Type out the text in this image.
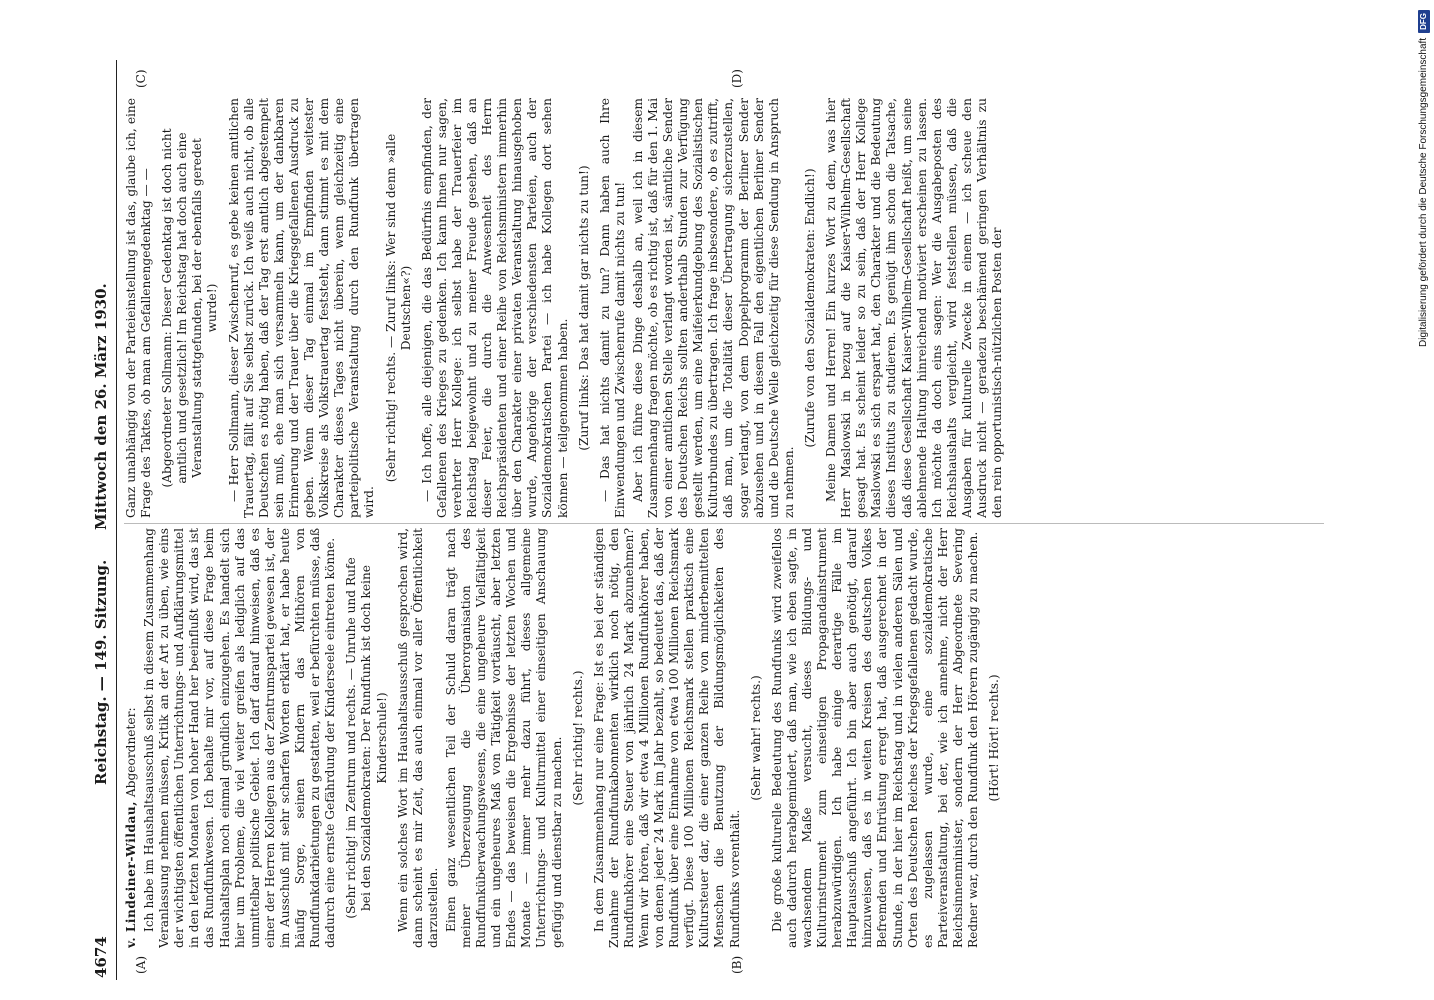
4674
Reichstag. — 149. Sitzung.
Mittwoch den 26. März 1930.
(A)	(B)
(C)	(D)

v. Lindeiner-Wildau, Abgeordneter: Ich habe im Haushaltsausschuß selbst in diesem Zusammenhang Veranlassung nehmen müssen, Kritik an der Art zu üben, wie eins der wichtigsten öffentlichen Unterrichtungs- und Aufklärungsmittel in den letzten Monaten von hoher Hand her beeinflußt wird, das ist das Rundfunkwesen. Ich behalte mir vor, auf diese Frage beim Haushaltsplan noch einmal gründlich einzugehen. Es handelt sich hier um Probleme, die viel weiter greifen als lediglich auf das unmittelbar politische Gebiet. Ich darf darauf hinweisen, daß es einer der Herren Kollegen aus der Zentrumspartei gewesen ist, der im Ausschuß mit sehr scharfen Worten erklärt hat, er habe heute häufig Sorge, seinen Kindern das Mithören von Rundfunkdarbietungen zu gestatten, weil er befürchten müsse, daß dadurch eine ernste Gefährdung der Kinderseele eintreten könne. (Sehr richtig! im Zentrum und rechts. — Unruhe und Rufe bei den Sozialdemokraten: Der Rundfunk ist doch keine Kinderschule!) Wenn ein solches Wort im Haushaltsausschuß gesprochen wird, dann scheint es mir Zeit, das auch einmal vor aller Öffentlichkeit darzustellen. Einen ganz wesentlichen Teil der Schuld daran trägt nach meiner Überzeugung die Überorganisation des Rundfunküberwachungswesens, die eine ungeheure Vielfältigkeit und ein ungeheures Maß von Tätigkeit vortäuscht, aber letzten Endes — das beweisen die Ergebnisse der letzten Wochen und Monate — immer mehr dazu führt, dieses allgemeine Unterrichtungs- und Kulturmittel einer einseitigen Anschauung gefügig und dienstbar zu machen. (Sehr richtig! rechts.) In dem Zusammenhang nur eine Frage: Ist es bei der ständigen Zunahme der Rundfunkabonnenten wirklich noch nötig, den Rundfunkhörer eine Steuer von jährlich 24 Mark abzunehmen? Wenn wir hören, daß wir etwa 4 Millionen Rundfunkhörer haben, von denen jeder 24 Mark im Jahr bezahlt, so bedeutet das, daß der Rundfunk über eine Einnahme von etwa 100 Millionen Reichsmark verfügt. Diese 100 Millionen Reichsmark stellen praktisch eine Kultursteuer dar, die einer ganzen Reihe von minderbemittelten Menschen die Benutzung der Bildungsmöglichkeiten des Rundfunks vorenthält.

(Sehr wahr! rechts.) Die große kulturelle Bedeutung des Rundfunks wird zweifellos auch dadurch herabgemindert, daß man, wie ich eben sagte, in wachsendem Maße versucht, dieses Bildungs- und Kulturinstrument zum einseitigen Propagandainstrument herabzuwürdigen. Ich habe einige derartige Fälle im Hauptausschuß angeführt. Ich bin aber auch genötigt, darauf hinzuweisen, daß es in weiten Kreisen des deutschen Volkes Befremden und Entrüstung erregt hat, daß ausgerechnet in der Stunde, in der hier im Reichstag und in vielen anderen Sälen und Orten des Deutschen Reiches der Kriegsgefallenen gedacht wurde, es zugelassen wurde, eine sozialdemokratische Parteiveranstaltung, bei der, wie ich annehme, nicht der Herr Reichsinnenminister, sondern der Herr Abgeordnete Severing Redner war, durch den Rundfunk den Hörern zugängig zu machen. (Hört! Hört! rechts.)

Ganz unabhängig von der Parteieinstellung ist das, glaube ich, eine Frage des Taktes, ob man am Gefallenengedenktag — — (Abgeordneter Sollmann: Dieser Gedenktag ist doch nicht amtlich und gesetzlich! Im Reichstag hat doch auch eine Veranstaltung stattgefunden, bei der ebenfalls geredet wurde!) — Herr Sollmann, dieser Zwischenruf, es gebe keinen amtlichen Trauertag, fällt auf Sie selbst zurück. Ich weiß auch nicht, ob alle Deutschen es nötig haben, daß der Tag erst amtlich abgestempelt sein muß, ehe man sich versammeln kann, um der dankbaren Erinnerung und der Trauer über die Kriegsgefallenen Ausdruck zu geben. Wenn dieser Tag einmal im Empfinden weitester Volkskreise als Volkstrauertag feststeht, dann stimmt es mit dem Charakter dieses Tages nicht überein, wenn gleichzeitig eine parteipolitische Veranstaltung durch den Rundfunk übertragen wird.

(Sehr richtig! rechts. — Zuruf links: Wer sind denn »alle Deutschen«?) — Ich hoffe, alle diejenigen, die das Bedürfnis empfinden, der Gefallenen des Krieges zu gedenken. Ich kann Ihnen nur sagen, verehrter Herr Kollege: ich selbst habe der Trauerfeier im Reichstag beigewohnt und zu meiner Freude gesehen, daß an dieser Feier, die durch die Anwesenheit des Herrn Reichspräsidenten und einer Reihe von Reichsministern immerhin über den Charakter einer privaten Veranstaltung hinausgehoben wurde, Angehörige der verschiedensten Parteien, auch der Sozialdemokratischen Partei — ich habe Kollegen dort sehen können — teilgenommen haben. (Zuruf links: Das hat damit gar nichts zu tun!) — Das hat nichts damit zu tun? Dann haben auch Ihre Einwendungen und Zwischenrufe damit nichts zu tun! Aber ich führe diese Dinge deshalb an, weil ich in diesem Zusammenhang fragen möchte, ob es richtig ist, daß für den 1. Mai von einer amtlichen Stelle verlangt worden ist, sämtliche Sender des Deutschen Reichs sollten anderthalb Stunden zur Verfügung gestellt werden, um eine Maifeierkundgebung des Sozialistischen Kulturbundes zu übertragen. Ich frage insbesondere, ob es zutrifft, daß man, um die Totalität dieser Übertragung sicherzustellen, sogar verlangt, von dem Doppelprogramm der Berliner Sender abzusehen und in diesem Fall den eigentlichen Berliner Sender und die Deutsche Welle gleichzeitig für diese Sendung in Anspruch zu nehmen.

(Zurufe von den Sozialdemokraten: Endlich!) Meine Damen und Herren! Ein kurzes Wort zu dem, was hier Herr Maslowski in bezug auf die Kaiser-Wilhelm-Gesellschaft gesagt hat. Es scheint leider so zu sein, daß der Herr Kollege Maslowski es sich erspart hat, den Charakter und die Bedeutung dieses Instituts zu studieren. Es genügt ihm schon die Tatsache, daß diese Gesellschaft Kaiser-Wilhelm-Gesellschaft heißt, um seine ablehnende Haltung hinreichend motiviert erscheinen zu lassen. Ich möchte da doch eins sagen: Wer die Ausgabeposten des Reichshaushalts vergleicht, wird feststellen müssen, daß die Ausgaben für kulturelle Zwecke in einem — ich scheue den Ausdruck nicht — geradezu beschämend geringen Verhältnis zu den rein opportunistisch-nützlichen Posten der

Digitalisierung gefördert durch die Deutsche Forschungsgemeinschaft
DFG
